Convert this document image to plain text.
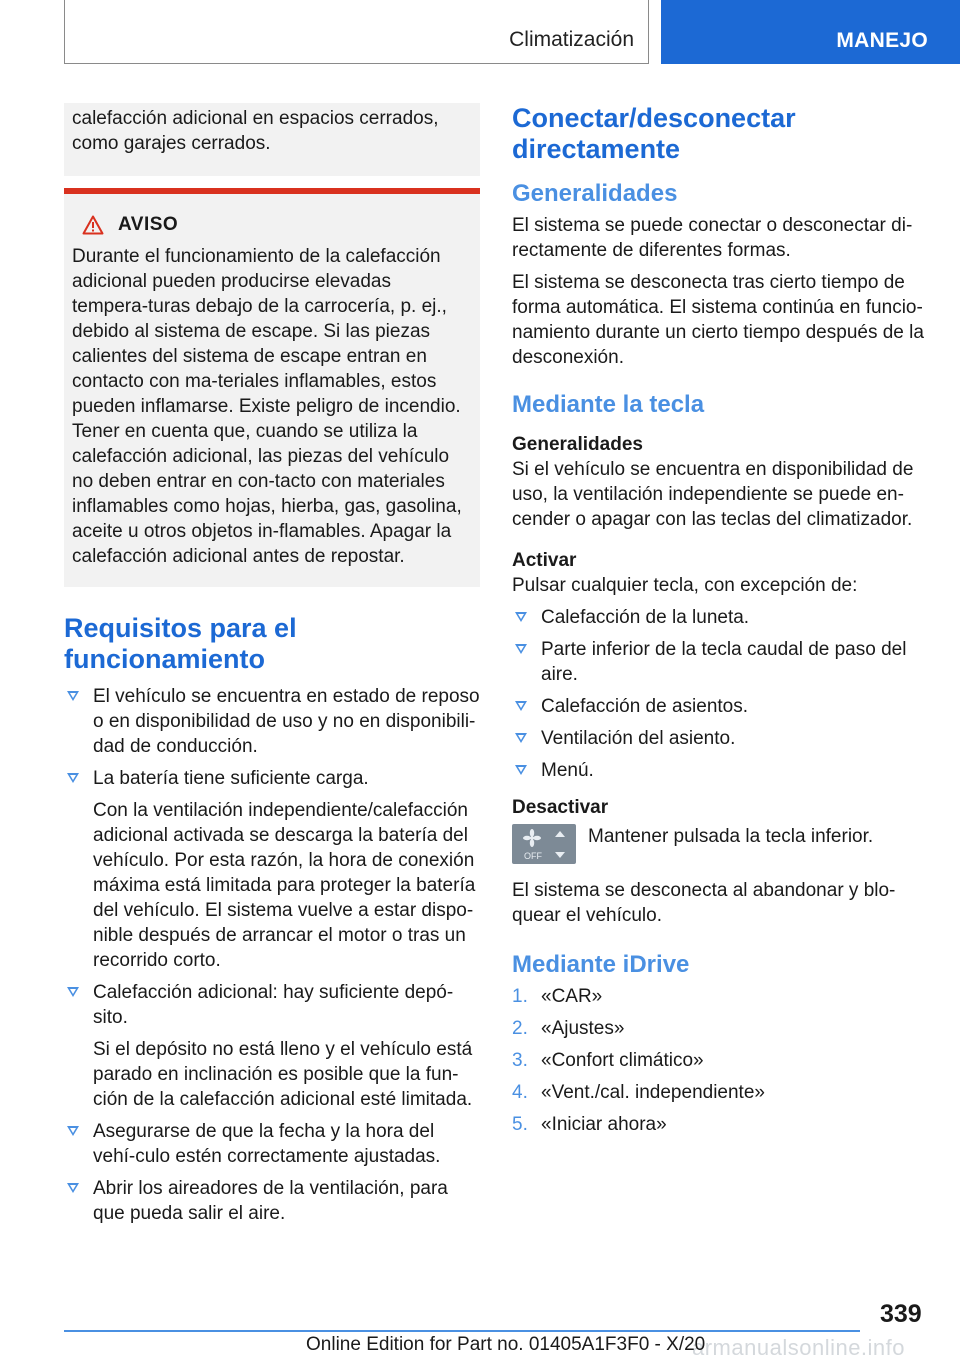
Climatización	MANEJO

calefacción adicional en espacios cerrados, como garajes cerrados.

AVISO

Durante el funcionamiento de la calefacción adicional pueden producirse elevadas tempera-turas debajo de la carrocería, p. ej., debido al sistema de escape. Si las piezas calientes del sistema de escape entran en contacto con ma-teriales inflamables, estos pueden inflamarse. Existe peligro de incendio. Tener en cuenta que, cuando se utiliza la calefacción adicional, las piezas del vehículo no deben entrar en con-tacto con materiales inflamables como hojas, hierba, gas, gasolina, aceite u otros objetos in-flamables. Apagar la calefacción adicional antes de repostar.

Requisitos para el funcionamiento
El vehículo se encuentra en estado de reposo o en disponibilidad de uso y no en disponibili-dad de conducción.
La batería tiene suficiente carga.
Con la ventilación independiente/calefacción adicional activada se descarga la batería del vehículo. Por esta razón, la hora de conexión máxima está limitada para proteger la batería del vehículo. El sistema vuelve a estar dispo-nible después de arrancar el motor o tras un recorrido corto.
Calefacción adicional: hay suficiente depó-sito.
Si el depósito no está lleno y el vehículo está parado en inclinación es posible que la fun-ción de la calefacción adicional esté limitada.
Asegurarse de que la fecha y la hora del vehí-culo estén correctamente ajustadas.
Abrir los aireadores de la ventilación, para que pueda salir el aire.
Conectar/desconectar directamente
Generalidades

El sistema se puede conectar o desconectar di-rectamente de diferentes formas.

El sistema se desconecta tras cierto tiempo de forma automática. El sistema continúa en funcio-namiento durante un cierto tiempo después de la desconexión.

Mediante la tecla
Generalidades

Si el vehículo se encuentra en disponibilidad de uso, la ventilación independiente se puede en-cender o apagar con las teclas del climatizador.

Activar

Pulsar cualquier tecla, con excepción de:

Calefacción de la luneta.
Parte inferior de la tecla caudal de paso del aire.
Calefacción de asientos.
Ventilación del asiento.
Menú.
Desactivar
OFF

Mantener pulsada la tecla inferior.

El sistema se desconecta al abandonar y blo-quear el vehículo.

Mediante iDrive
1. «CAR»
2. «Ajustes»
3. «Confort climático»
4. «Vent./cal. independiente»
5. «Iniciar ahora»
339
armanualsonline.info
Online Edition for Part no. 01405A1F3F0 - X/20
